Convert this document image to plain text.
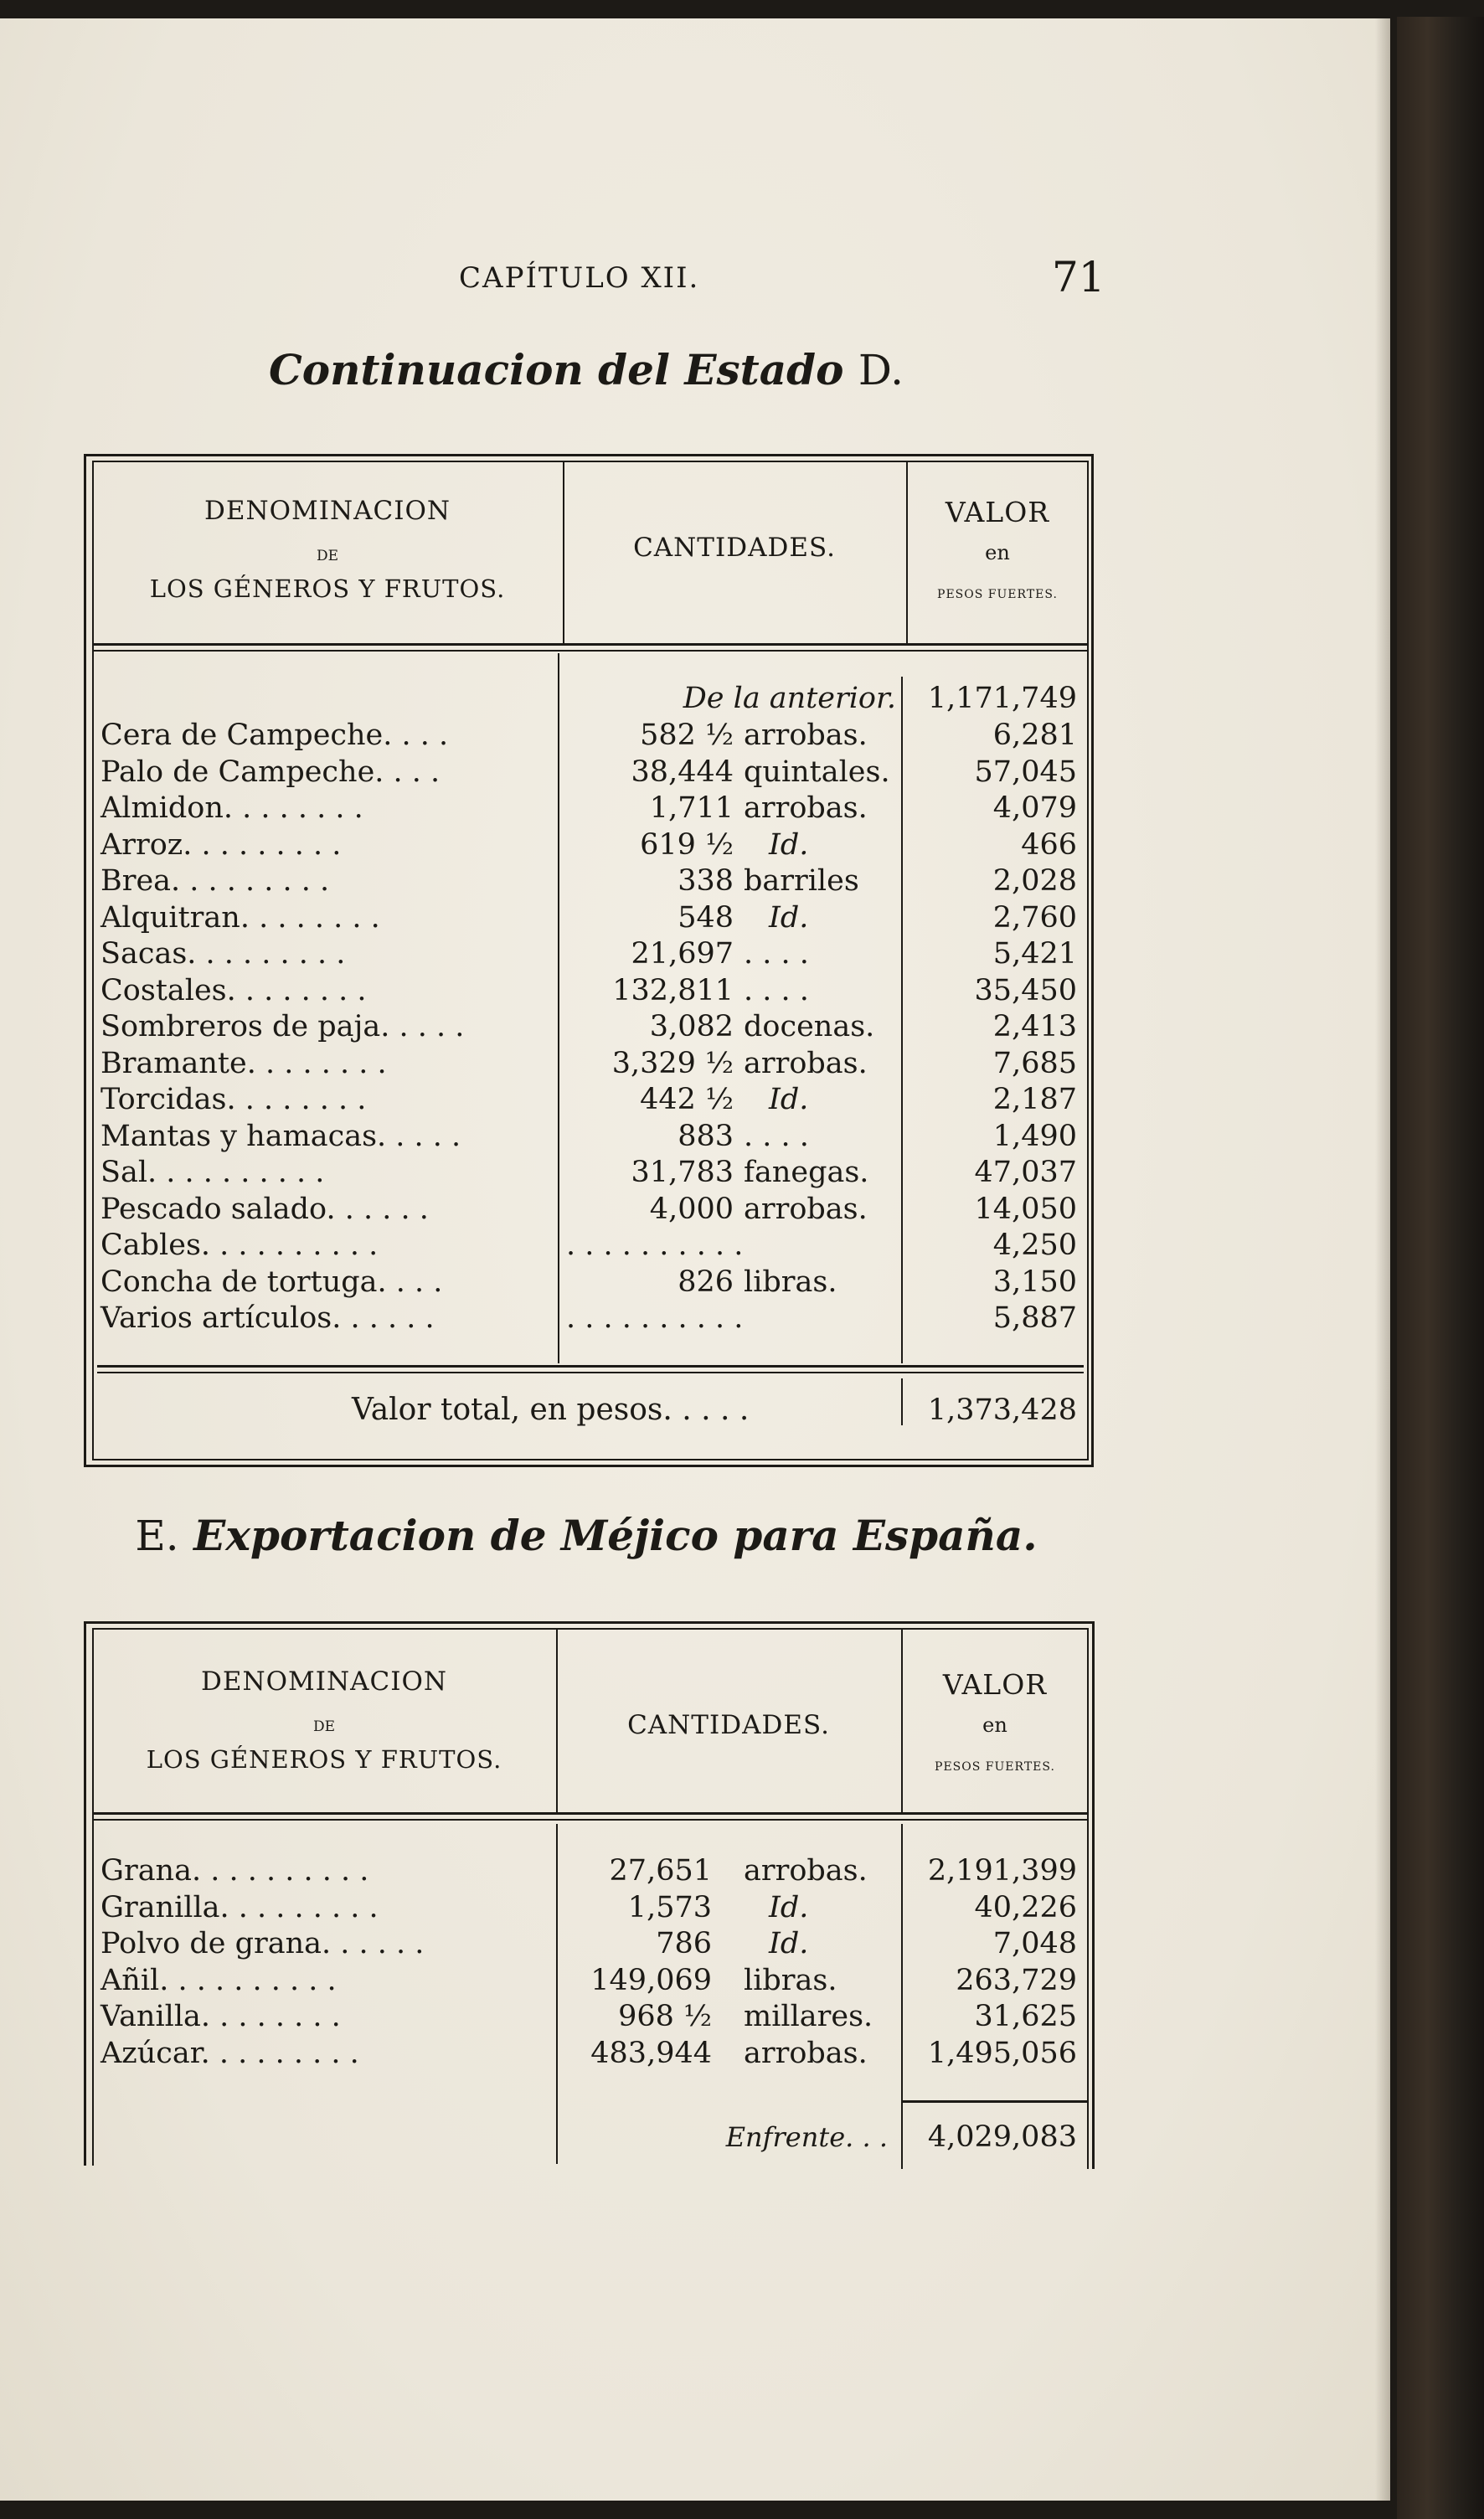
CAPÍTULO XII.	71
Continuacion del Estado D.
DENOMINACION
DE
LOS GÉNEROS Y FRUTOS.
CANTIDADES.
VALOR
en
PESOS FUERTES.
De la anterior.	1,171,749
Cera de Campeche. . . .	582 ½ arrobas.	6,281
Palo de Campeche. . . .	38,444 quintales.	57,045
Almidon. . . . . . . .	1,711 arrobas.	4,079
Arroz. . . . . . . . .	619 ½	Id.	466
Brea. . . . . . . . .	338 barriles	2,028
Alquitran. . . . . . . .	548	Id.	2,760
Sacas. . . . . . . . .	21,697 . . . .	5,421
Costales. . . . . . . .	132,811 . . . .	35,450
Sombreros de paja. . . . .	3,082 docenas.	2,413
Bramante. . . . . . . .	3,329 ½ arrobas.	7,685
Torcidas. . . . . . . .	442 ½	Id.	2,187
Mantas y hamacas. . . . .	883 . . . .	1,490
Sal. . . . . . . . . .	31,783 fanegas.	47,037
Pescado salado. . . . . .	4,000 arrobas.	14,050
Cables. . . . . . . . . .	. . . . . . . . . .	4,250
Concha de tortuga. . . .	826 libras.	3,150
Varios artículos. . . . . .	. . . . . . . . . .	5,887
Valor total, en pesos. . . . .	1,373,428
E. Exportacion de Méjico para España.
DENOMINACION
DE
LOS GÉNEROS Y FRUTOS.
CANTIDADES.
VALOR
en
PESOS FUERTES.
Grana. . . . . . . . . .	27,651 arrobas.	2,191,399
Granilla. . . . . . . . .	1,573	Id.	40,226
Polvo de grana. . . . . .	786	Id.	7,048
Añil. . . . . . . . . .	149,069 libras.	263,729
Vanilla. . . . . . . .	968 ½ millares.	31,625
Azúcar. . . . . . . . .	483,944 arrobas.	1,495,056
Enfrente. . .	4,029,083
